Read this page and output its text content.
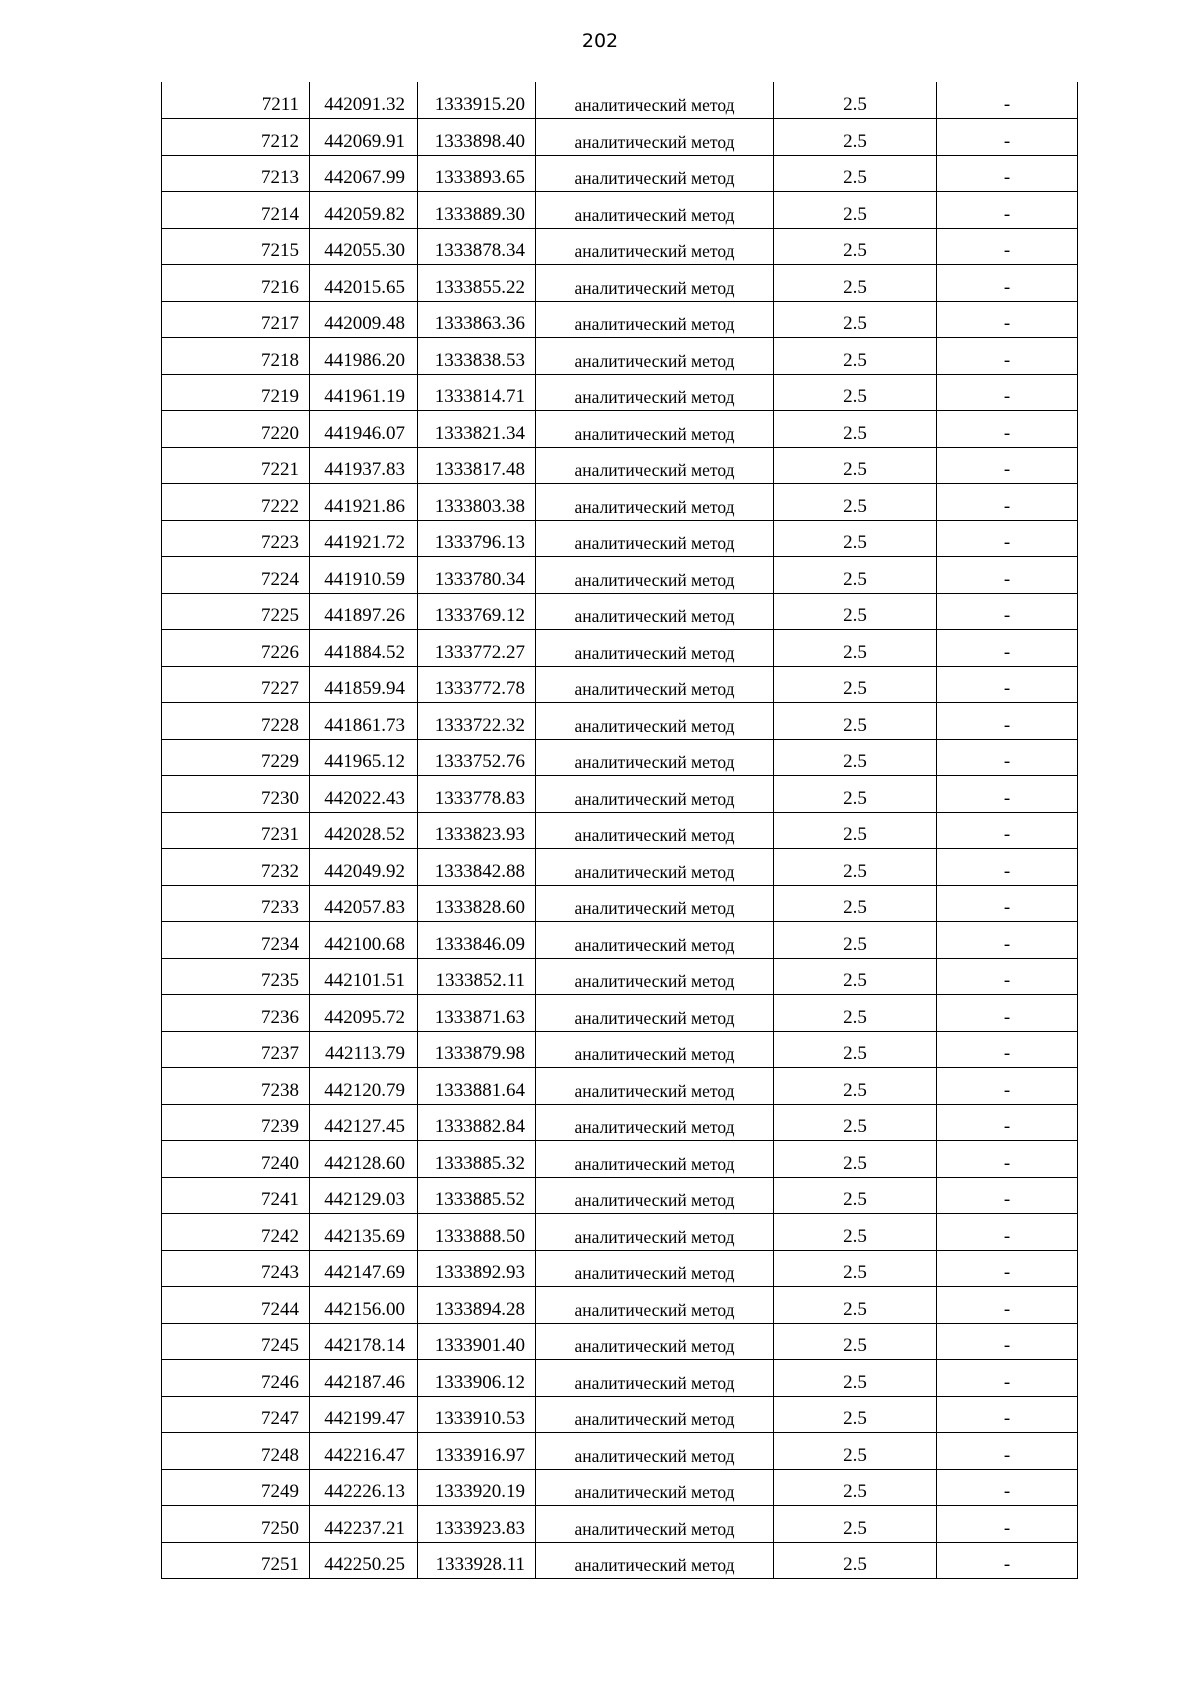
202
7211	442091.32	1333915.20	аналитический метод	2.5	-
7212	442069.91	1333898.40	аналитический метод	2.5	-
7213	442067.99	1333893.65	аналитический метод	2.5	-
7214	442059.82	1333889.30	аналитический метод	2.5	-
7215	442055.30	1333878.34	аналитический метод	2.5	-
7216	442015.65	1333855.22	аналитический метод	2.5	-
7217	442009.48	1333863.36	аналитический метод	2.5	-
7218	441986.20	1333838.53	аналитический метод	2.5	-
7219	441961.19	1333814.71	аналитический метод	2.5	-
7220	441946.07	1333821.34	аналитический метод	2.5	-
7221	441937.83	1333817.48	аналитический метод	2.5	-
7222	441921.86	1333803.38	аналитический метод	2.5	-
7223	441921.72	1333796.13	аналитический метод	2.5	-
7224	441910.59	1333780.34	аналитический метод	2.5	-
7225	441897.26	1333769.12	аналитический метод	2.5	-
7226	441884.52	1333772.27	аналитический метод	2.5	-
7227	441859.94	1333772.78	аналитический метод	2.5	-
7228	441861.73	1333722.32	аналитический метод	2.5	-
7229	441965.12	1333752.76	аналитический метод	2.5	-
7230	442022.43	1333778.83	аналитический метод	2.5	-
7231	442028.52	1333823.93	аналитический метод	2.5	-
7232	442049.92	1333842.88	аналитический метод	2.5	-
7233	442057.83	1333828.60	аналитический метод	2.5	-
7234	442100.68	1333846.09	аналитический метод	2.5	-
7235	442101.51	1333852.11	аналитический метод	2.5	-
7236	442095.72	1333871.63	аналитический метод	2.5	-
7237	442113.79	1333879.98	аналитический метод	2.5	-
7238	442120.79	1333881.64	аналитический метод	2.5	-
7239	442127.45	1333882.84	аналитический метод	2.5	-
7240	442128.60	1333885.32	аналитический метод	2.5	-
7241	442129.03	1333885.52	аналитический метод	2.5	-
7242	442135.69	1333888.50	аналитический метод	2.5	-
7243	442147.69	1333892.93	аналитический метод	2.5	-
7244	442156.00	1333894.28	аналитический метод	2.5	-
7245	442178.14	1333901.40	аналитический метод	2.5	-
7246	442187.46	1333906.12	аналитический метод	2.5	-
7247	442199.47	1333910.53	аналитический метод	2.5	-
7248	442216.47	1333916.97	аналитический метод	2.5	-
7249	442226.13	1333920.19	аналитический метод	2.5	-
7250	442237.21	1333923.83	аналитический метод	2.5	-
7251	442250.25	1333928.11	аналитический метод	2.5	-
